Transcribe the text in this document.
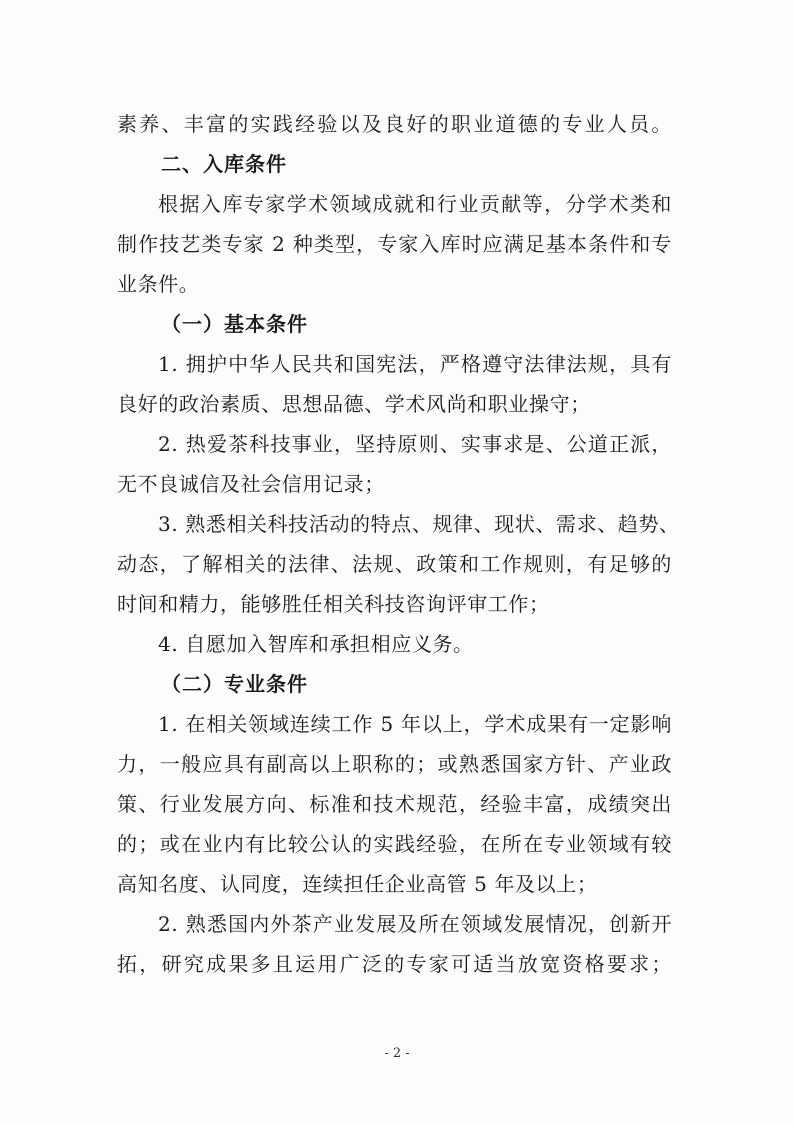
素养、丰富的实践经验以及良好的职业道德的专业人员。
二、入库条件
根据入库专家学术领域成就和行业贡献等，分学术类和
制作技艺类专家 2 种类型，专家入库时应满足基本条件和专
业条件。
（一）基本条件
1. 拥护中华人民共和国宪法，严格遵守法律法规，具有
良好的政治素质、思想品德、学术风尚和职业操守；
2. 热爱茶科技事业，坚持原则、实事求是、公道正派，
无不良诚信及社会信用记录；
3. 熟悉相关科技活动的特点、规律、现状、需求、趋势、
动态，了解相关的法律、法规、政策和工作规则，有足够的
时间和精力，能够胜任相关科技咨询评审工作；
4. 自愿加入智库和承担相应义务。
（二）专业条件
1. 在相关领域连续工作 5 年以上，学术成果有一定影响
力，一般应具有副高以上职称的；或熟悉国家方针、产业政
策、行业发展方向、标准和技术规范，经验丰富，成绩突出
的；或在业内有比较公认的实践经验，在所在专业领域有较
高知名度、认同度，连续担任企业高管 5 年及以上；
2. 熟悉国内外茶产业发展及所在领域发展情况，创新开
拓，研究成果多且运用广泛的专家可适当放宽资格要求；
- 2 -
